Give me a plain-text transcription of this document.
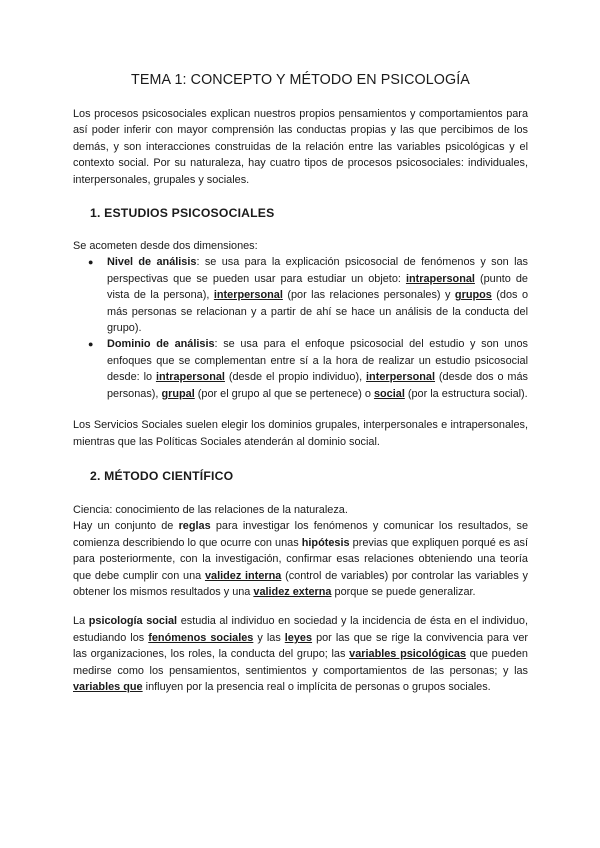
TEMA 1: CONCEPTO Y MÉTODO EN PSICOLOGÍA

Los procesos psicosociales explican nuestros propios pensamientos y comportamientos para así poder inferir con mayor comprensión las conductas propias y las que percibimos de los demás, y son interacciones construidas de la relación entre las variables psicológicas y el contexto social. Por su naturaleza, hay cuatro tipos de procesos psicosociales: individuales, interpersonales, grupales y sociales.

1. ESTUDIOS PSICOSOCIALES

Se acometen desde dos dimensiones:

● Nivel de análisis: se usa para la explicación psicosocial de fenómenos y son las perspectivas que se pueden usar para estudiar un objeto: intrapersonal (punto de vista de la persona), interpersonal (por las relaciones personales) y grupos (dos o más personas se relacionan y a partir de ahí se hace un análisis de la conducta del grupo).
● Dominio de análisis: se usa para el enfoque psicosocial del estudio y son unos enfoques que se complementan entre sí a la hora de realizar un estudio psicosocial desde: lo intrapersonal (desde el propio individuo), interpersonal (desde dos o más personas), grupal (por el grupo al que se pertenece) o social (por la estructura social).

Los Servicios Sociales suelen elegir los dominios grupales, interpersonales e intrapersonales, mientras que las Políticas Sociales atenderán al dominio social.

2. MÉTODO CIENTÍFICO

Ciencia: conocimiento de las relaciones de la naturaleza.

Hay un conjunto de reglas para investigar los fenómenos y comunicar los resultados, se comienza describiendo lo que ocurre con unas hipótesis previas que expliquen porqué es así para posteriormente, con la investigación, confirmar esas relaciones obteniendo una teoría que debe cumplir con una validez interna (control de variables) por controlar las variables y obtener los mismos resultados y una validez externa porque se puede generalizar.

La psicología social estudia al individuo en sociedad y la incidencia de ésta en el individuo, estudiando los fenómenos sociales y las leyes por las que se rige la convivencia para ver las organizaciones, los roles, la conducta del grupo; las variables psicológicas que pueden medirse como los pensamientos, sentimientos y comportamientos de las personas; y las variables que influyen por la presencia real o implícita de personas o grupos sociales.
